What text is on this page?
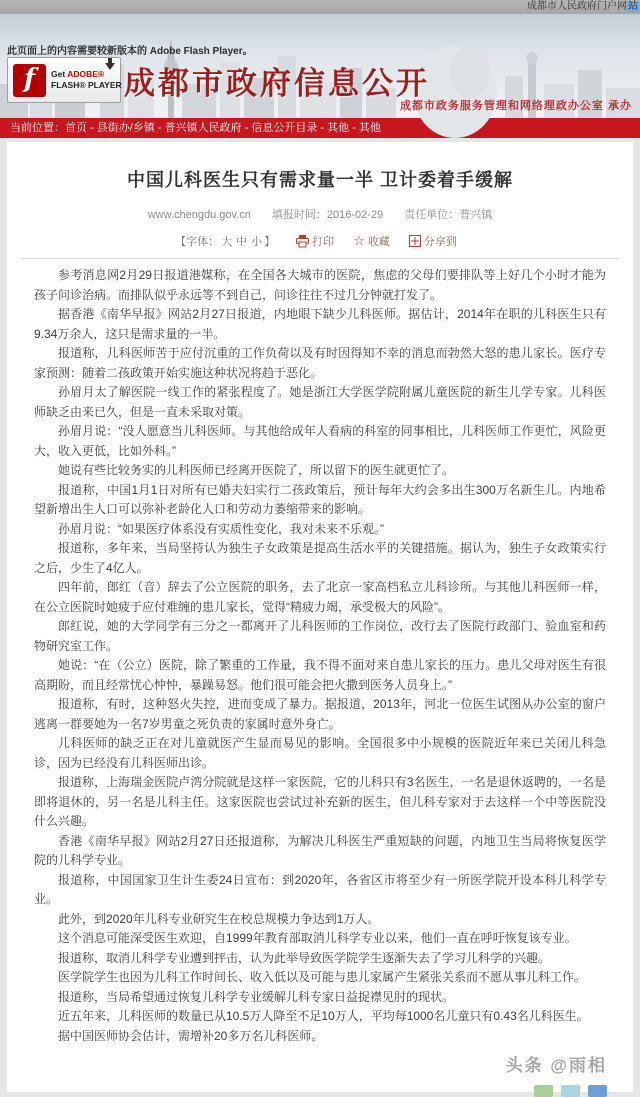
成都市人民政府门户网站
此页面上的内容需要较新版本的 Adobe Flash Player。
f	Get ADOBE®
FLASH® PLAYER 成都市政府信息公开
成都市政务服务管理和网络理政办公室 承办
当前位置：首页 - 县街办/乡镇 - 普兴镇人民政府 - 信息公开目录 - 其他 - 其他
中国儿科医生只有需求量一半 卫计委着手缓解
www.chengdu.gov.cn 填报时间：2016-02-29 责任单位：普兴镇
【字体： 大 中 小 】	打印 ☆ 收藏	分享到

参考消息网2月29日报道港媒称，在全国各大城市的医院，焦虑的父母们要排队等上好几个小时才能为孩子问诊治病。而排队似乎永远等不到自己，问诊往往不过几分钟就打发了。

据香港《南华早报》网站2月27日报道，内地眼下缺少儿科医师。据估计，2014年在职的儿科医生只有9.34万余人，这只是需求量的一半。

报道称，儿科医师苦于应付沉重的工作负荷以及有时因得知不幸的消息而勃然大怒的患儿家长。医疗专家预测：随着二孩政策开始实施这种状况将趋于恶化。

孙眉月太了解医院一线工作的紧张程度了。她是浙江大学医学院附属儿童医院的新生儿学专家。儿科医师缺乏由来已久，但是一直未采取对策。

孙眉月说：“没人愿意当儿科医师。与其他给成年人看病的科室的同事相比，儿科医师工作更忙，风险更大，收入更低，比如外科。”

她说有些比较务实的儿科医师已经离开医院了，所以留下的医生就更忙了。

报道称，中国1月1日对所有已婚夫妇实行二孩政策后，预计每年大约会多出生300万名新生儿。内地希望新增出生人口可以弥补老龄化人口和劳动力萎缩带来的影响。

孙眉月说：“如果医疗体系没有实质性变化，我对未来不乐观。”

报道称，多年来，当局坚持认为独生子女政策是提高生活水平的关键措施。据认为，独生子女政策实行之后，少生了4亿人。

四年前，郎红（音）辞去了公立医院的职务，去了北京一家高档私立儿科诊所。与其他儿科医师一样，在公立医院时她疲于应付难缠的患儿家长，觉得“精疲力竭，承受极大的风险”。

郎红说，她的大学同学有三分之一都离开了儿科医师的工作岗位，改行去了医院行政部门、验血室和药物研究室工作。

她说：“在（公立）医院，除了繁重的工作量，我不得不面对来自患儿家长的压力。患儿父母对医生有很高期盼，而且经常忧心忡忡，暴躁易怒。他们很可能会把火撒到医务人员身上。”

报道称，有时，这种怒火失控，进而变成了暴力。据报道，2013年，河北一位医生试图从办公室的窗户逃离一群要她为一名7岁男童之死负责的家属时意外身亡。

儿科医师的缺乏正在对儿童就医产生显而易见的影响。全国很多中小规模的医院近年来已关闭儿科急诊，因为已经没有儿科医师出诊。

报道称，上海瑞金医院卢湾分院就是这样一家医院，它的儿科只有3名医生，一名是退休返聘的，一名是即将退休的，另一名是儿科主任。这家医院也尝试过补充新的医生，但儿科专家对于去这样一个中等医院没什么兴趣。

香港《南华早报》网站2月27日还报道称，为解决儿科医生严重短缺的问题，内地卫生当局将恢复医学院的儿科学专业。

报道称，中国国家卫生计生委24日宣布：到2020年，各省区市将至少有一所医学院开设本科儿科学专业。

此外，到2020年儿科专业研究生在校总规模力争达到1万人。

这个消息可能深受医生欢迎，自1999年教育部取消儿科学专业以来，他们一直在呼吁恢复该专业。

报道称，取消儿科学专业遭到抨击，认为此举导致医学院学生逐渐失去了学习儿科学的兴趣。

医学院学生也因为儿科工作时间长、收入低以及可能与患儿家属产生紧张关系而不愿从事儿科工作。

报道称，当局希望通过恢复儿科学专业缓解儿科专家日益捉襟见肘的现状。

近五年来，儿科医师的数量已从10.5万人降至不足10万人，平均每1000名儿童只有0.43名儿科医生。

据中国医师协会估计，需增补20多万名儿科医师。

头条 @雨相
